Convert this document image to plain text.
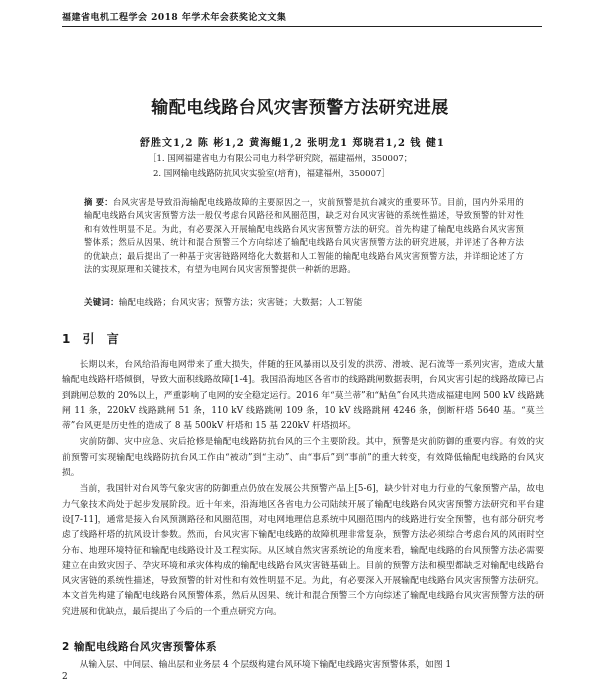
福建省电机工程学会 2018 年学术年会获奖论文文集
输配电线路台风灾害预警方法研究进展
舒胜文1,2 陈 彬1,2 黄海鲲1,2 张明龙1 郑晓君1,2 钱 健1
［1. 国网福建省电力有限公司电力科学研究院，福建福州，350007；
2. 国网输电线路防抗风灾实验室(培育)，福建福州，350007］
摘 要：台风灾害是导致沿海输配电线路故障的主要原因之一，灾前预警是抗台减灾的重要环节。目前，国内外采用的输配电线路台风灾害预警方法一般仅考虑台风路径和风圈范围，缺乏对台风灾害链的系统性描述，导致预警的针对性和有效性明显不足。为此，有必要深入开展输配电线路台风灾害预警方法的研究。首先构建了输配电线路台风灾害预警体系；然后从因果、统计和混合预警三个方向综述了输配电线路台风灾害预警方法的研究进展，并评述了各种方法的优缺点；最后提出了一种基于灾害链路网络化大数据和人工智能的输配电线路台风灾害预警方法，并详细论述了方法的实现原理和关键技术，有望为电网台风灾害预警提供一种新的思路。
关键词：输配电线路；台风灾害；预警方法；灾害链；大数据；人工智能
1 引 言

长期以来，台风给沿海电网带来了重大损失，伴随的狂风暴雨以及引发的洪涝、滑坡、泥石流等一系列灾害，造成大量输配电线路杆塔倾倒，导致大面积线路故障[1-4]。我国沿海地区各省市的线路跳闸数据表明，台风灾害引起的线路故障已占到跳闸总数的 20%以上，严重影响了电网的安全稳定运行。2016 年“莫兰蒂”和“鲇鱼”台风共造成福建电网 500 kV 线路跳闸 11 条，220kV 线路跳闸 51 条，110 kV 线路跳闸 109 条，10 kV 线路跳闸 4246 条，倒断杆塔 5640 基。“莫兰蒂”台风更是历史性的造成了 8 基 500kV 杆塔和 15 基 220kV 杆塔损坏。

灾前防御、灾中应急、灾后抢修是输配电线路防抗台风的三个主要阶段。其中，预警是灾前防御的重要内容。有效的灾前预警可实现输配电线路防抗台风工作由“被动”到“主动”、由“事后”到“事前”的重大转变，有效降低输配电线路的台风灾损。

当前，我国针对台风等气象灾害的防御重点仍放在发展公共预警产品上[5-6]，缺少针对电力行业的气象预警产品，故电力气象技术尚处于起步发展阶段。近十年来，沿海地区各省电力公司陆续开展了输配电线路台风灾害预警方法研究和平台建设[7-11]，通常是接入台风预测路径和风圈范围，对电网地理信息系统中风圈范围内的线路进行安全预警，也有部分研究考虑了线路杆塔的抗风设计参数。然而，台风灾害下输配电线路的故障机理非常复杂，预警方法必须综合考虑台风的风雨时空分布、地理环境特征和输配电线路设计及工程实际。从区域自然灾害系统论的角度来看，输配电线路的台风预警方法必需要建立在由致灾因子、孕灾环境和承灾体构成的输配电线路台风灾害链基础上。目前的预警方法和模型都缺乏对输配电线路台风灾害链的系统性描述，导致预警的针对性和有效性明显不足。为此，有必要深入开展输配电线路台风灾害预警方法研究。本文首先构建了输配电线路台风预警体系，然后从因果、统计和混合预警三个方向综述了输配电线路台风灾害预警方法的研究进展和优缺点，最后提出了今后的一个重点研究方向。

2 输配电线路台风灾害预警体系
从输入层、中间层、输出层和业务层 4 个层级构建台风环境下输配电线路灾害预警体系，如图 1
2
